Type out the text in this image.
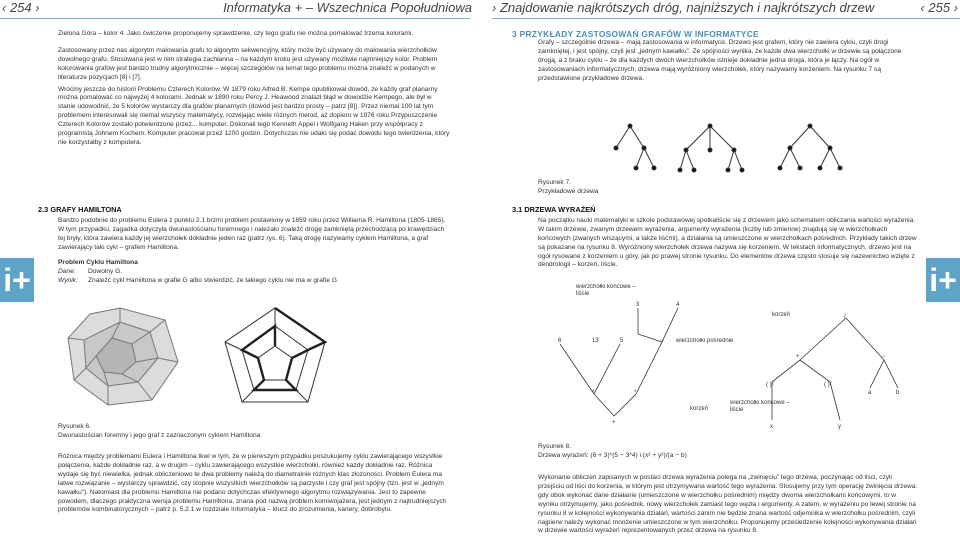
‹ 254 ›	Informatyka + – Wszechnica Popołudniowa › Znajdowanie najkrótszych dróg, najniższych i najkrótszych drzew	‹ 255 ›
i+	i+

Zielona Góra – kolor 4. Jako ćwiczenie proponujemy sprawdzenie, czy tego grafu nie można pomalować trzema kolorami.

Zastosowany przez nas algorytm malowania grafu to algorytm sekwencyjny, który może być używany do malowania wierzchołków dowolnego grafu. Stosowana jest w nim strategia zachłanna – na każdym kroku jest używany możliwie najmniejszy kolor. Problem kolorowania grafów jest bardzo trudny algorytmicznie – więcej szczegółów na temat tego problemu można znaleźć w podanych w literaturze pozycjach [8] i [7].

Wróćmy jeszcze do historii Problemu Czterech Kolorów. W 1879 roku Alfred B. Kempe opublikował dowód, że każdy graf planarny można pomalować co najwyżej 4 kolorami. Jednak w 1890 roku Percy J. Heawood znalazł błąd w dowodzie Kempego, ale był w stanie udowodnić, że 5 kolorów wystarczy dla grafów planarnych (dowód jest bardzo prosty – patrz [8]). Przez niemal 100 lat tym problemem interesowali się niemal wszyscy matematycy, rozwijając wiele różnych metod, aż dopiero w 1976 roku Przypuszczenie Czterech Kolorów zostało potwierdzone przez... komputer. Dokonali tego Kenneth Appel i Wolfgang Haken przy współpracy z programistą Johnem Kochem. Komputer pracował przez 1200 godzin. Dotychczas nie udało się podać dowodu tego twierdzenia, który nie korzystałby z komputera.

2.3 GRAFY HAMILTONA

Bardzo podobnie do problemu Eulera z punktu 2.1 brzmi problem postawiony w 1859 roku przez Williama R. Hamiltona (1805-1865). W tym przypadku, zagadka dotyczyła dwunastościanu foremnego i należało znaleźć drogę zamkniętą przechodzącą po krawędziach tej bryły, która zawiera każdy jej wierzchołek dokładnie jeden raz (patrz rys. 6). Taką drogę nazywamy cyklem Hamiltona, a graf zawierający taki cykl – grafem Hamiltona.

Problem Cyklu Hamiltona
Dane: Dowolny G.
Wynik: Znaleźć cykl Hamiltona w grafie G albo stwierdzić, że takiego cyklu nie ma w grafie G.
Rysunek 6.
Dwunastościan foremny i jego graf z zaznaczonym cyklem Hamiltona

Różnica między problemami Eulera i Hamiltona tkwi w tym, że w pierwszym przypadku poszukujemy cyklu zawierającego wszystkie połączenia, każde dokładnie raz, a w drugim – cyklu zawierającego wszystkie wierzchołki, również każdy dokładnie raz. Różnica wydaje się być niewielka, jednak obliczeniowo te dwa problemy należą do diametralnie różnych klas złożoności. Problem Eulera ma łatwe rozwiązanie – wystarczy sprawdzić, czy stopnie wszystkich wierzchołków są parzyste i czy graf jest spójny (tzn. jest w „jednym kawałku”). Natomiast dla problemu Hamiltona nie podano dotychczas efektywnego algorytmu rozwiązywania. Jest to zapewne powodem, dlaczego praktyczna wersja problemu Hamiltona, znana pod nazwą problem komiwojażera, jest jednym z najtrudniejszych problemów kombinatorycznych – patrz p. 5.2.1 w rozdziale Informatyka – klucz do zrozumienia, kariery, dobrobytu.

3 PRZYKŁADY ZASTOSOWAŃ GRAFÓW W INFORMATYCE

Grafy – szczególnie drzewa – mają zastosowania w informatyce. Drzewo jest grafem, który nie zawiera cyklu, czyli drogi zamkniętej, i jest spójny, czyli jest „jednym kawałku”. Ze spójności wynika, że każde dwa wierzchołki w drzewie są połączone drogą, a z braku cyklu – że dla każdych dwóch wierzchołków istnieje dokładnie jedna droga, która je łączy. Na ogół w zastosowaniach informatycznych, drzewa mają wyróżniony wierzchołek, który nazywamy korzeniem. Na rysunku 7 są przedstawione przykładowe drzewa.

Rysunek 7.
Przykładowe drzewa
3.1 DRZEWA WYRAŻEŃ

Na początku nauki matematyki w szkole podstawowej spotkaliście się z drzewem jako schematem obliczania wartości wyrażenia. W takim drzewie, zwanym drzewem wyrażenia, argumenty wyrażenia (liczby lub zmienne) znajdują się w wierzchołkach końcowych (zwanych wiszącymi, a także liśćmi), a działania są umieszczone w wierzchołkach pośrednich. Przykłady takich drzew są pokazane na rysunku 8. Wyróżniony wierzchołek drzewa nazywa się korzeniem. W tekstach informatycznych, drzewo jest na ogół rysowane z korzeniem u góry, jak po prawej stronie rysunku. Do elementów drzewa często stosuje się nazewnictwo wzięte z dendrologii – korzeń, liście.

6	13	5
3	4
−
*	*
+
wierzchołki końcowe – liście
korzeń
wierzchołki pośrednie
/
+	−
( )²	( )²
a	b
x	y
korzeń
wierzchołki końcowe – liście
Rysunek 8.
Drzewa wyrażeń: (6 + 3)*(5 − 3*4) i (x² + y²)/(a − b)

Wykonanie obliczeń zapisanych w postaci drzewa wyrażenia polega na „zwinięciu” tego drzewa, poczynając od liści, czyli przejściu od liści do korzenia, w którym jest otrzymywana wartość tego wyrażenia. Stosujemy przy tym operację zwinięcia drzewa: gdy obok wykonać dane działanie (umieszczone w wierzchołku pośrednim) między dwoma wierzchołkami końcowymi, to w wyniku otrzymujemy, jako pośrednik, nowy wierzchołek zamiast tego węzła i argumenty. A zatem, w wyrażeniu po lewej stronie na rysunku 8 w kolejności wykonywania działań, wartości zanim nie będzie znana wartość odjemnika w wierzchołku pośrednim, czyli najpierw należy wykonać mnożenie umieszczone w tym wierzchołku. Proponujemy prześledzenie kolejności wykonywania działań w drzewie wartości wyrażeń reprezentowanych przez drzewa na rysunku 8.
